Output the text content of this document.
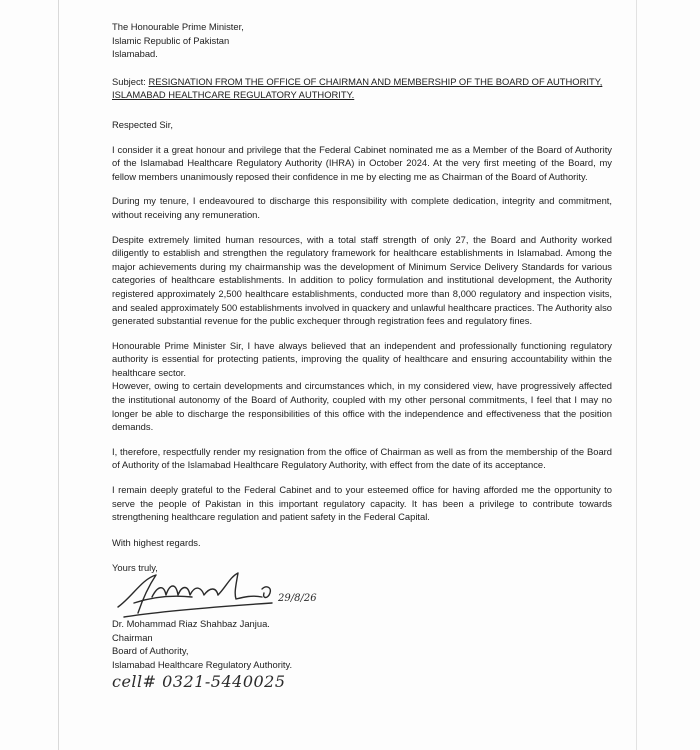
The Honourable Prime Minister,
Islamic Republic of Pakistan
Islamabad.
Subject: RESIGNATION FROM THE OFFICE OF CHAIRMAN AND MEMBERSHIP OF THE BOARD OF AUTHORITY, ISLAMABAD HEALTHCARE REGULATORY AUTHORITY.
Respected Sir,

I consider it a great honour and privilege that the Federal Cabinet nominated me as a Member of the Board of Authority of the Islamabad Healthcare Regulatory Authority (IHRA) in October 2024. At the very first meeting of the Board, my fellow members unanimously reposed their confidence in me by electing me as Chairman of the Board of Authority.

During my tenure, I endeavoured to discharge this responsibility with complete dedication, integrity and commitment, without receiving any remuneration.

Despite extremely limited human resources, with a total staff strength of only 27, the Board and Authority worked diligently to establish and strengthen the regulatory framework for healthcare establishments in Islamabad. Among the major achievements during my chairmanship was the development of Minimum Service Delivery Standards for various categories of healthcare establishments. In addition to policy formulation and institutional development, the Authority registered approximately 2,500 healthcare establishments, conducted more than 8,000 regulatory and inspection visits, and sealed approximately 500 establishments involved in quackery and unlawful healthcare practices. The Authority also generated substantial revenue for the public exchequer through registration fees and regulatory fines.

Honourable Prime Minister Sir, I have always believed that an independent and professionally functioning regulatory authority is essential for protecting patients, improving the quality of healthcare and ensuring accountability within the healthcare sector.

However, owing to certain developments and circumstances which, in my considered view, have progressively affected the institutional autonomy of the Board of Authority, coupled with my other personal commitments, I feel that I may no longer be able to discharge the responsibilities of this office with the independence and effectiveness that the position demands.

I, therefore, respectfully render my resignation from the office of Chairman as well as from the membership of the Board of Authority of the Islamabad Healthcare Regulatory Authority, with effect from the date of its acceptance.

I remain deeply grateful to the Federal Cabinet and to your esteemed office for having afforded me the opportunity to serve the people of Pakistan in this important regulatory capacity. It has been a privilege to contribute towards strengthening healthcare regulation and patient safety in the Federal Capital.

With highest regards.
Yours truly,
29/8/26
Dr. Mohammad Riaz Shahbaz Janjua.
Chairman
Board of Authority,
Islamabad Healthcare Regulatory Authority.
cell# 0321-5440025
